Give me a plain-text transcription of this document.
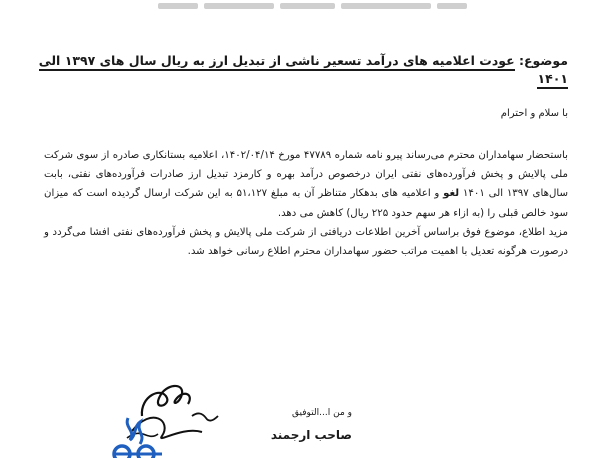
موضوع: عودت اعلامیه های درآمد تسعیر ناشی از تبدیل ارز به ریال سال های ۱۳۹۷ الی ۱۴۰۱
با سلام و احترام

باستحضار سهامداران محترم می‌رساند پیرو نامه شماره ۴۷۷۸۹ مورخ ۱۴۰۲/۰۴/۱۴، اعلامیه بستانکاری صادره از سوی شرکت ملی پالایش و پخش فرآورده‌های نفتی ایران درخصوص درآمد بهره و کارمزد تبدیل ارز صادرات فرآورده‌های نفتی، بابت سال‌های ۱۳۹۷ الی ۱۴۰۱ لغو و اعلامیه های بدهکار متناظر آن به مبلغ ۵۱،۱۲۷ به این شرکت ارسال گردیده است که میزان سود خالص قبلی را (به ازاء هر سهم حدود ۲۲۵ ریال) کاهش می دهد.

مزید اطلاع، موضوع فوق براساس آخرین اطلاعات دریافتی از شرکت ملی پالایش و پخش فرآورده‌های نفتی افشا می‌گردد و درصورت هرگونه تعدیل با اهمیت مراتب حضور سهامداران محترم اطلاع رسانی خواهد شد.

و من ا...التوفیق
صاحب ارجمند
